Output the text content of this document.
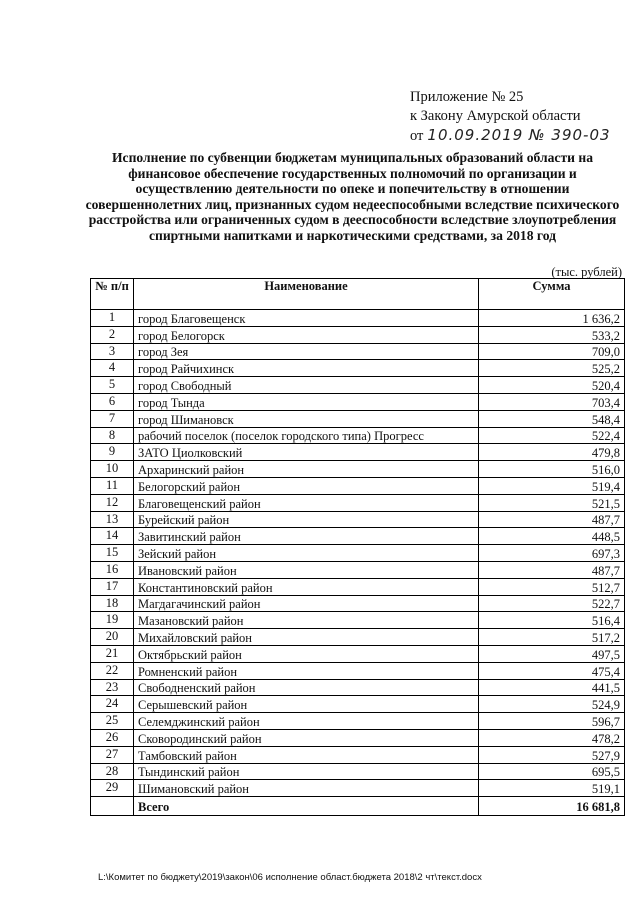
Приложение № 25
к Закону Амурской области
от 10.09.2019 № 390-03
Исполнение по субвенции бюджетам муниципальных образований области на финансовое обеспечение государственных полномочий по организации и осуществлению деятельности по опеке и попечительству в отношении совершеннолетних лиц, признанных судом недееспособными вследствие психического расстройства или ограниченных судом в дееспособности вследствие злоупотребления спиртными напитками и наркотическими средствами, за 2018 год
(тыс. рублей)
№ п/п	Наименование	Сумма
1	город Благовещенск	1 636,2
2	город Белогорск	533,2
3	город Зея	709,0
4	город Райчихинск	525,2
5	город Свободный	520,4
6	город Тында	703,4
7	город Шимановск	548,4
8	рабочий поселок (поселок городского типа) Прогресс	522,4
9	ЗАТО Циолковский	479,8
10	Архаринский район	516,0
11	Белогорский район	519,4
12	Благовещенский район	521,5
13	Бурейский район	487,7
14	Завитинский район	448,5
15	Зейский район	697,3
16	Ивановский район	487,7
17	Константиновский район	512,7
18	Магдагачинский район	522,7
19	Мазановский район	516,4
20	Михайловский район	517,2
21	Октябрьский район	497,5
22	Ромненский район	475,4
23	Свободненский район	441,5
24	Серышевский район	524,9
25	Селемджинский район	596,7
26	Сковородинский район	478,2
27	Тамбовский район	527,9
28	Тындинский район	695,5
29	Шимановский район	519,1
	Всего	16 681,8
L:\Комитет по бюджету\2019\закон\06 исполнение област.бюджета 2018\2 чт\текст.docx
